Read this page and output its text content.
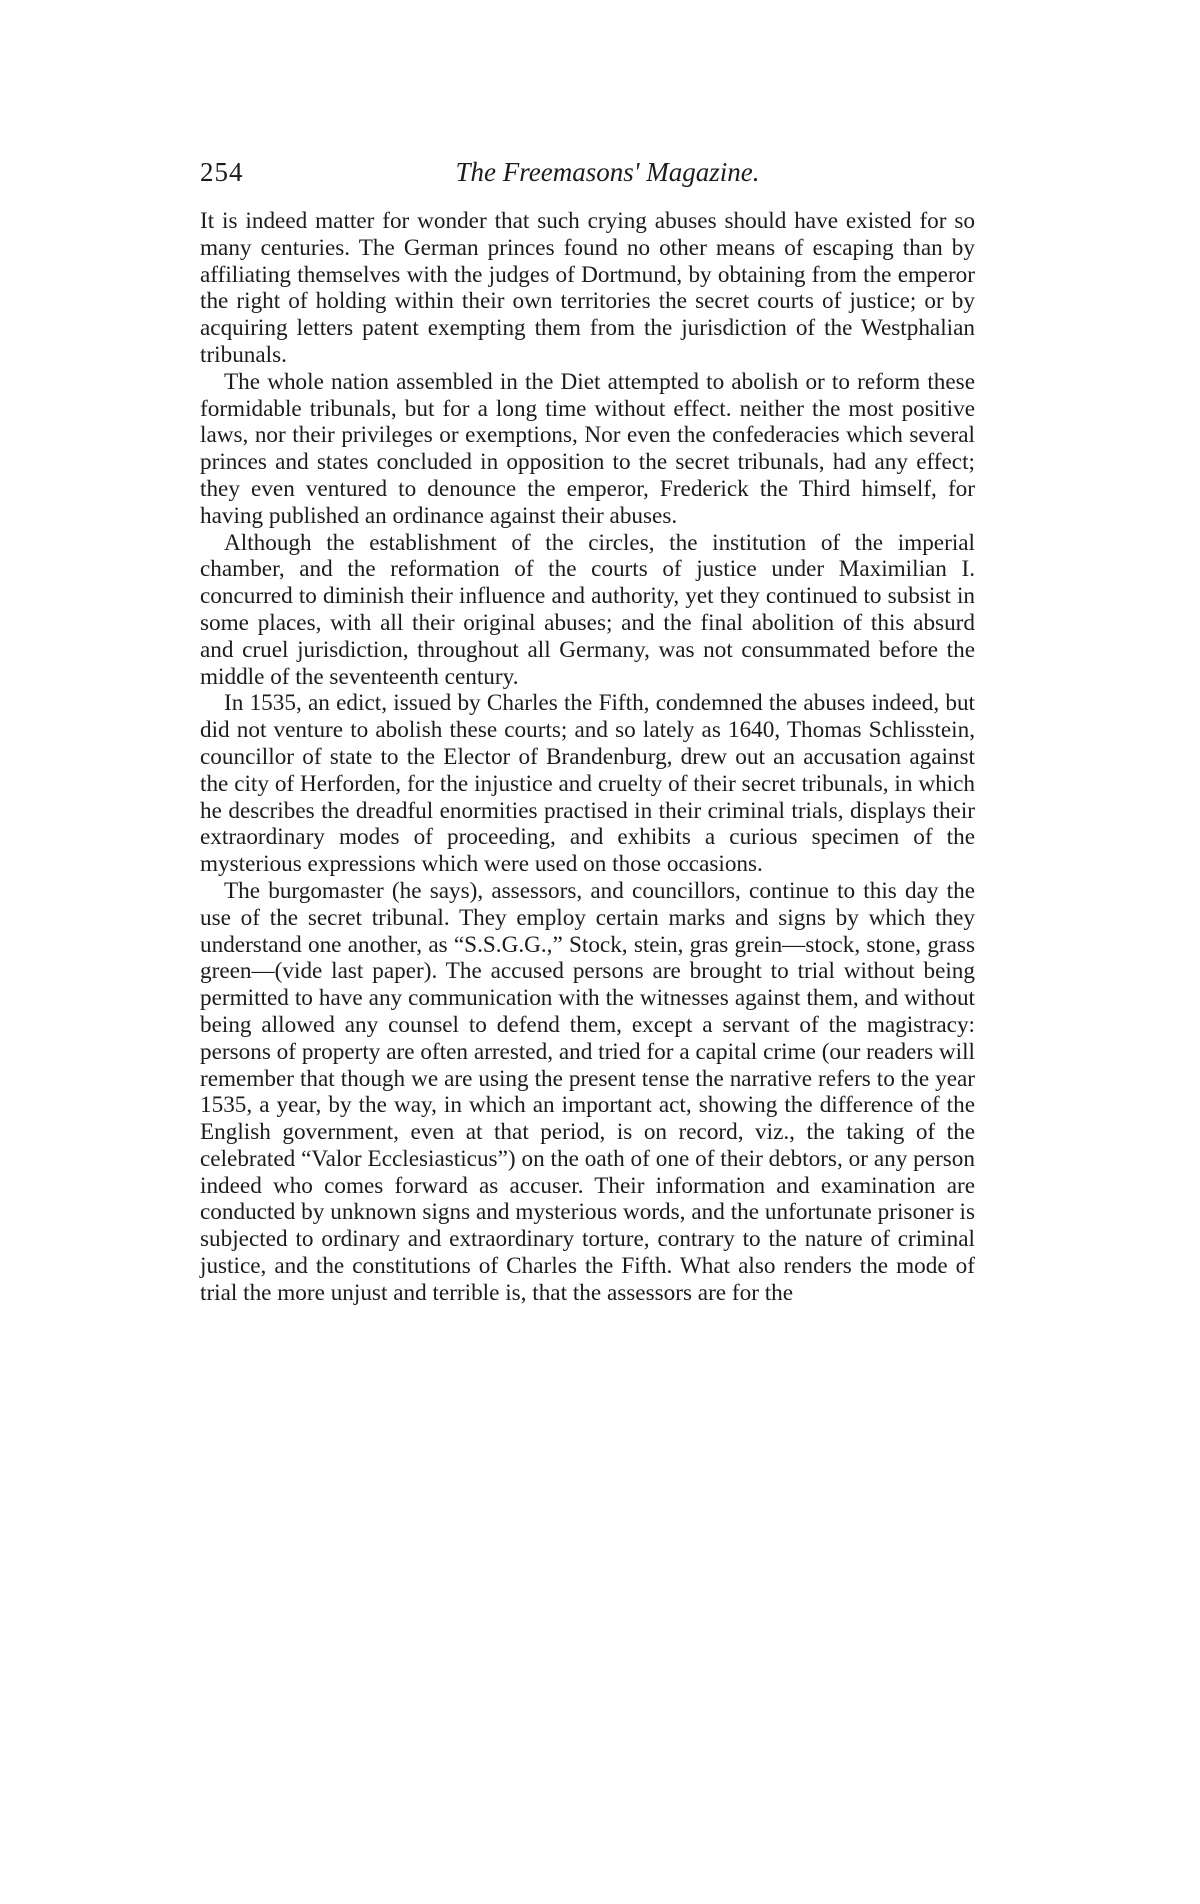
254	The Freemasons' Magazine.

It is indeed matter for wonder that such crying abuses should have existed for so many centuries. The German princes found no other means of escaping than by affiliating themselves with the judges of Dortmund, by obtaining from the emperor the right of holding within their own territories the secret courts of justice; or by acquiring letters patent exempting them from the jurisdiction of the Westphalian tribunals.

The whole nation assembled in the Diet attempted to abolish or to reform these formidable tribunals, but for a long time without effect. neither the most positive laws, nor their privileges or exemptions, Nor even the confederacies which several princes and states concluded in opposition to the secret tribunals, had any effect; they even ventured to denounce the emperor, Frederick the Third himself, for having published an ordinance against their abuses.

Although the establishment of the circles, the institution of the imperial chamber, and the reformation of the courts of justice under Maximilian I. concurred to diminish their influence and authority, yet they continued to subsist in some places, with all their original abuses; and the final abolition of this absurd and cruel jurisdiction, throughout all Germany, was not consummated before the middle of the seventeenth century.

In 1535, an edict, issued by Charles the Fifth, condemned the abuses indeed, but did not venture to abolish these courts; and so lately as 1640, Thomas Schlisstein, councillor of state to the Elector of Brandenburg, drew out an accusation against the city of Herforden, for the injustice and cruelty of their secret tribunals, in which he describes the dreadful enormities practised in their criminal trials, displays their extraordinary modes of proceeding, and exhibits a curious specimen of the mysterious expressions which were used on those occasions.

The burgomaster (he says), assessors, and councillors, continue to this day the use of the secret tribunal. They employ certain marks and signs by which they understand one another, as “S.S.G.G.,” Stock, stein, gras grein—stock, stone, grass green—(vide last paper). The accused persons are brought to trial without being permitted to have any communication with the witnesses against them, and without being allowed any counsel to defend them, except a servant of the magistracy: persons of property are often arrested, and tried for a capital crime (our readers will remember that though we are using the present tense the narrative refers to the year 1535, a year, by the way, in which an important act, showing the difference of the English government, even at that period, is on record, viz., the taking of the celebrated “Valor Ecclesiasticus”) on the oath of one of their debtors, or any person indeed who comes forward as accuser. Their information and examination are conducted by unknown signs and mysterious words, and the unfortunate prisoner is subjected to ordinary and extraordinary torture, contrary to the nature of criminal justice, and the constitutions of Charles the Fifth. What also renders the mode of trial the more unjust and terrible is, that the assessors are for the
